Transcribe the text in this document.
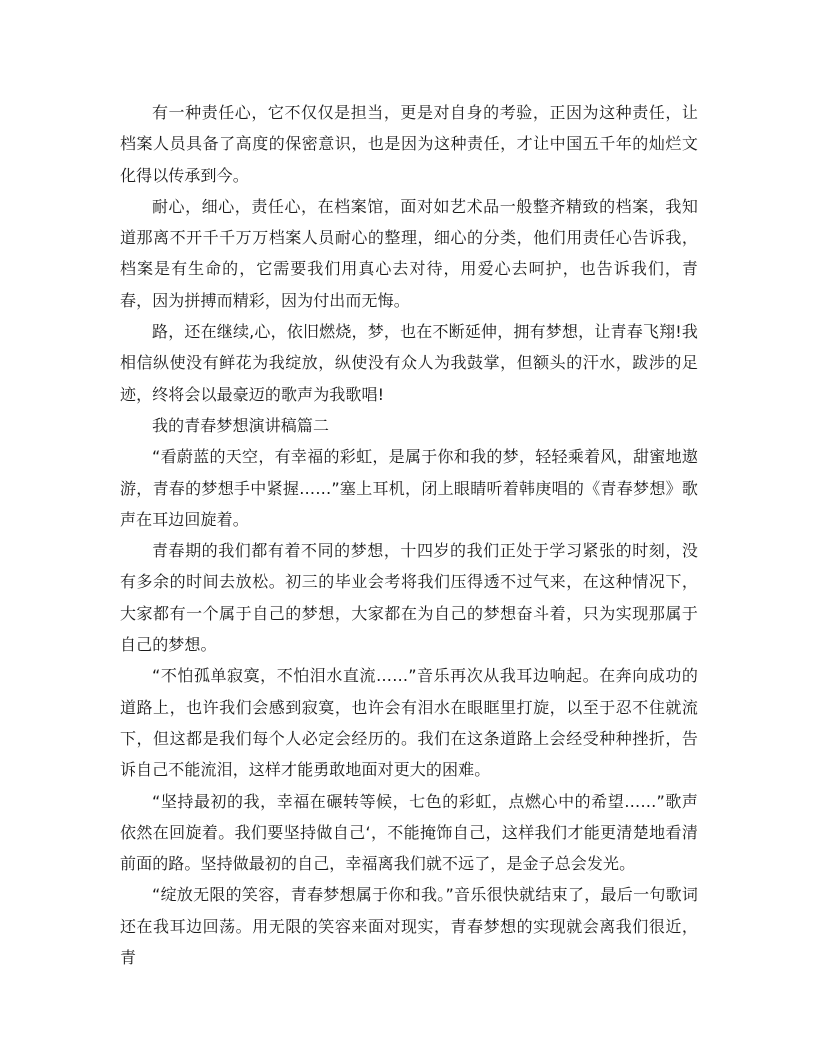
有一种责任心，它不仅仅是担当，更是对自身的考验，正因为这种责任，让档案人员具备了高度的保密意识，也是因为这种责任，才让中国五千年的灿烂文化得以传承到今。

耐心，细心，责任心，在档案馆，面对如艺术品一般整齐精致的档案，我知道那离不开千千万万档案人员耐心的整理，细心的分类，他们用责任心告诉我，档案是有生命的，它需要我们用真心去对待，用爱心去呵护，也告诉我们，青春，因为拼搏而精彩，因为付出而无悔。

路，还在继续,心，依旧燃烧，梦，也在不断延伸，拥有梦想，让青春飞翔!我相信纵使没有鲜花为我绽放，纵使没有众人为我鼓掌，但额头的汗水，跋涉的足迹，终将会以最豪迈的歌声为我歌唱!

我的青春梦想演讲稿篇二

“看蔚蓝的天空，有幸福的彩虹，是属于你和我的梦，轻轻乘着风，甜蜜地遨游，青春的梦想手中紧握……”塞上耳机，闭上眼睛听着韩庚唱的《青春梦想》歌声在耳边回旋着。

青春期的我们都有着不同的梦想，十四岁的我们正处于学习紧张的时刻，没有多余的时间去放松。初三的毕业会考将我们压得透不过气来，在这种情况下，大家都有一个属于自己的梦想，大家都在为自己的梦想奋斗着，只为实现那属于自己的梦想。

“不怕孤单寂寞，不怕泪水直流……”音乐再次从我耳边响起。在奔向成功的道路上，也许我们会感到寂寞，也许会有泪水在眼眶里打旋，以至于忍不住就流下，但这都是我们每个人必定会经历的。我们在这条道路上会经受种种挫折，告诉自己不能流泪，这样才能勇敢地面对更大的困难。

“坚持最初的我，幸福在碾转等候，七色的彩虹，点燃心中的希望……”歌声依然在回旋着。我们要坚持做自己‘，不能掩饰自己，这样我们才能更清楚地看清前面的路。坚持做最初的自己，幸福离我们就不远了，是金子总会发光。

“绽放无限的笑容，青春梦想属于你和我。”音乐很快就结束了，最后一句歌词还在我耳边回荡。用无限的笑容来面对现实，青春梦想的实现就会离我们很近，青
